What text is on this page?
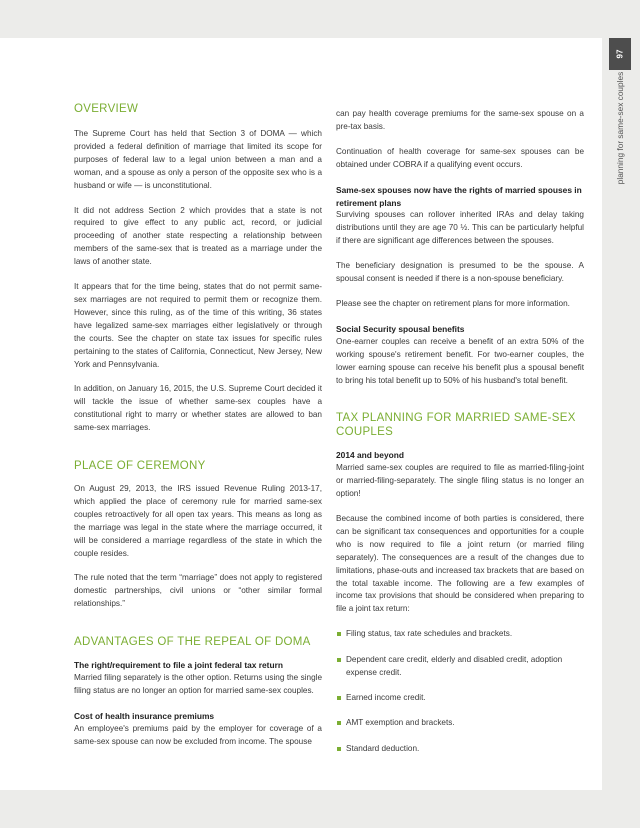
97
planning for same-sex couples
OVERVIEW

The Supreme Court has held that Section 3 of DOMA — which provided a federal definition of marriage that limited its scope for purposes of federal law to a legal union between a man and a woman, and a spouse as only a person of the opposite sex who is a husband or wife — is unconstitutional.

It did not address Section 2 which provides that a state is not required to give effect to any public act, record, or judicial proceeding of another state respecting a relationship between members of the same-sex that is treated as a marriage under the laws of another state.

It appears that for the time being, states that do not permit same-sex marriages are not required to permit them or recognize them. However, since this ruling, as of the time of this writing, 36 states have legalized same-sex marriages either legislatively or through the courts. See the chapter on state tax issues for specific rules pertaining to the states of California, Connecticut, New Jersey, New York and Pennsylvania.

In addition, on January 16, 2015, the U.S. Supreme Court decided it will tackle the issue of whether same-sex couples have a constitutional right to marry or whether states are allowed to ban same-sex marriages.

PLACE OF CEREMONY

On August 29, 2013, the IRS issued Revenue Ruling 2013-17, which applied the place of ceremony rule for married same-sex couples retroactively for all open tax years. This means as long as the marriage was legal in the state where the marriage occurred, it will be considered a marriage regardless of the state in which the couple resides.

The rule noted that the term “marriage” does not apply to registered domestic partnerships, civil unions or “other similar formal relationships.”

ADVANTAGES OF THE REPEAL OF DOMA
The right/requirement to file a joint federal tax return

Married filing separately is the other option. Returns using the single filing status are no longer an option for married same-sex couples.

Cost of health insurance premiums

An employee's premiums paid by the employer for coverage of a same-sex spouse can now be excluded from income. The spouse

can pay health coverage premiums for the same-sex spouse on a pre-tax basis.

Continuation of health coverage for same-sex spouses can be obtained under COBRA if a qualifying event occurs.

Same-sex spouses now have the rights of married spouses in retirement plans

Surviving spouses can rollover inherited IRAs and delay taking distributions until they are age 70 ½. This can be particularly helpful if there are significant age differences between the spouses.

The beneficiary designation is presumed to be the spouse. A spousal consent is needed if there is a non-spouse beneficiary.

Please see the chapter on retirement plans for more information.

Social Security spousal benefits

One-earner couples can receive a benefit of an extra 50% of the working spouse's retirement benefit. For two-earner couples, the lower earning spouse can receive his benefit plus a spousal benefit to bring his total benefit up to 50% of his husband's total benefit.

TAX PLANNING FOR MARRIED SAME-SEX COUPLES
2014 and beyond

Married same-sex couples are required to file as married-filing-joint or married-filing-separately. The single filing status is no longer an option!

Because the combined income of both parties is considered, there can be significant tax consequences and opportunities for a couple who is now required to file a joint return (or married filing separately). The consequences are a result of the changes due to limitations, phase-outs and increased tax brackets that are based on the total taxable income. The following are a few examples of income tax provisions that should be considered when preparing to file a joint tax return:

Filing status, tax rate schedules and brackets.
Dependent care credit, elderly and disabled credit, adoption expense credit.
Earned income credit.
AMT exemption and brackets.
Standard deduction.
